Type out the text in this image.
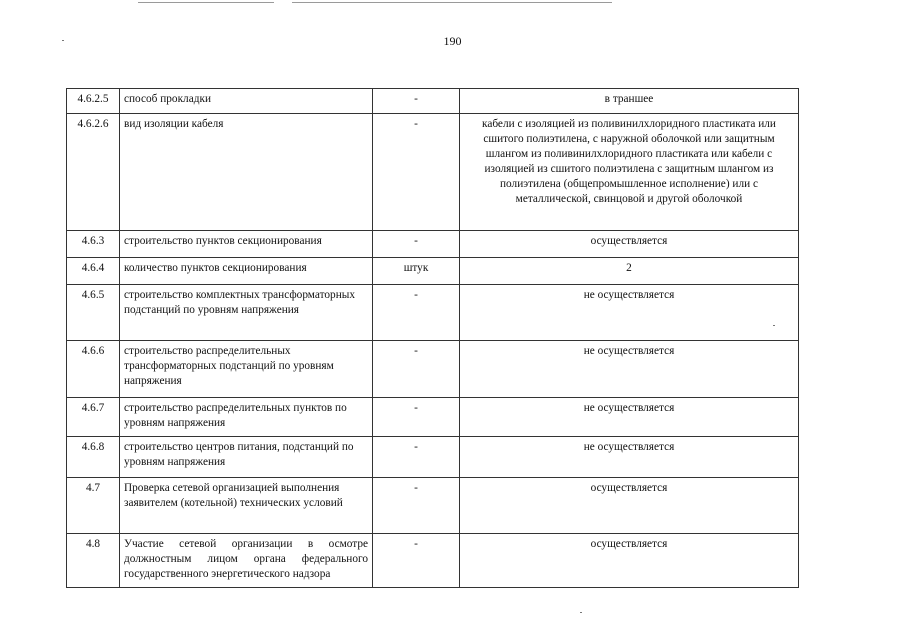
190
4.6.2.5	способ прокладки	-	в траншее
4.6.2.6	вид изоляции кабеля	-	кабели с изоляцией из поливинилхлоридного пластиката или сшитого полиэтилена, с наружной оболочкой или защитным шлангом из поливинилхлоридного пластиката или кабели с изоляцией из сшитого полиэтилена с защитным шлангом из полиэтилена (общепромышленное исполнение) или с металлической, свинцовой и другой оболочкой
4.6.3	строительство пунктов секционирования	-	осуществляется
4.6.4	количество пунктов секционирования	штук	2
4.6.5	строительство комплектных трансформаторных подстанций по уровням напряжения	-	не осуществляется
4.6.6	строительство распределительных трансформаторных подстанций по уровням напряжения	-	не осуществляется
4.6.7	строительство распределительных пунктов по уровням напряжения	-	не осуществляется
4.6.8	строительство центров питания, подстанций по уровням напряжения	-	не осуществляется
4.7	Проверка сетевой организацией выполнения заявителем (котельной) технических условий	-	осуществляется
4.8	Участие сетевой организации в осмотре должностным лицом органа федерального государственного энергетического надзора	-	осуществляется
